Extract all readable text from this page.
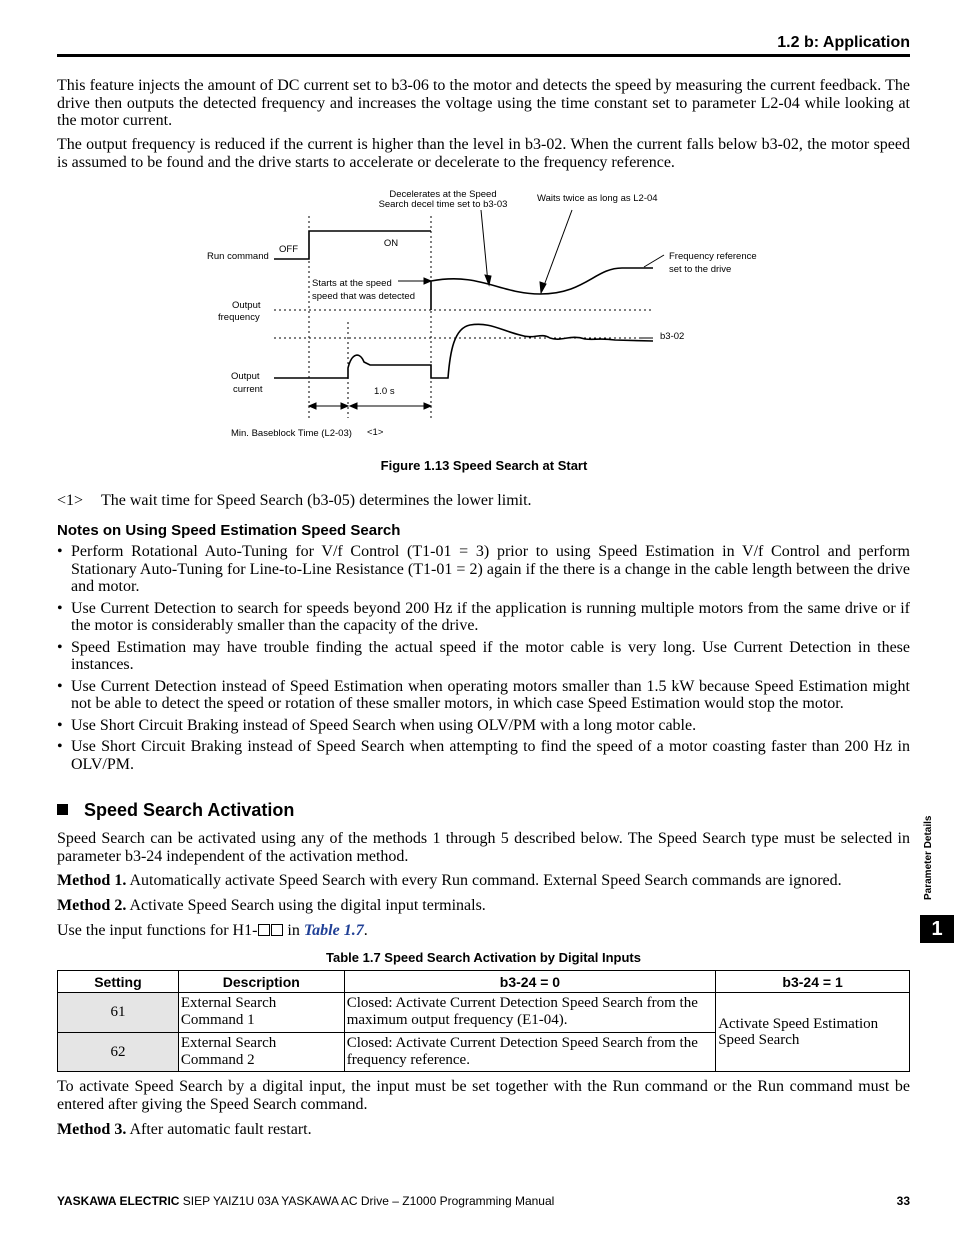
1.2 b: Application

This feature injects the amount of DC current set to b3-06 to the motor and detects the speed by measuring the current feedback. The drive then outputs the detected frequency and increases the voltage using the time constant set to parameter L2-04 while looking at the motor current.

The output frequency is reduced if the current is higher than the level in b3-02. When the current falls below b3-02, the motor speed is assumed to be found and the drive starts to accelerate or decelerate to the frequency reference.

Decelerates at the Speed
Search decel time set to b3-03
Waits twice as long as L2-04
ON
OFF
Run command	Frequency reference
set to the drive
Starts at the speed
speed that was detected
Output
frequency
b3-02
Output
current	1.0 s
Min. Baseblock Time (L2-03) <1>
Figure 1.13 Speed Search at Start
<1> The wait time for Speed Search (b3-05) determines the lower limit.
Notes on Using Speed Estimation Speed Search
• Perform Rotational Auto-Tuning for V/f Control (T1-01 = 3) prior to using Speed Estimation in V/f Control and perform Stationary Auto-Tuning for Line-to-Line Resistance (T1-01 = 2) again if the there is a change in the cable length between the drive and motor.
• Use Current Detection to search for speeds beyond 200 Hz if the application is running multiple motors from the same drive or if the motor is considerably smaller than the capacity of the drive.
• Speed Estimation may have trouble finding the actual speed if the motor cable is very long. Use Current Detection in these instances.
• Use Current Detection instead of Speed Estimation when operating motors smaller than 1.5 kW because Speed Estimation might not be able to detect the speed or rotation of these smaller motors, in which case Speed Estimation would stop the motor.
• Use Short Circuit Braking instead of Speed Search when using OLV/PM with a long motor cable.
• Use Short Circuit Braking instead of Speed Search when attempting to find the speed of a motor coasting faster than 200 Hz in OLV/PM.
Speed Search Activation

Speed Search can be activated using any of the methods 1 through 5 described below. The Speed Search type must be selected in parameter b3-24 independent of the activation method.

Method 1. Automatically activate Speed Search with every Run command. External Speed Search commands are ignored.

Method 2. Activate Speed Search using the digital input terminals.

Use the input functions for H1- in Table 1.7.

Table 1.7 Speed Search Activation by Digital Inputs
Setting	Description	b3-24 = 0	b3-24 = 1
61	External Search Command 1	Closed: Activate Current Detection Speed Search from the maximum output frequency (E1-04).	Activate Speed Estimation Speed Search
62	External Search Command 2	Closed: Activate Current Detection Speed Search from the frequency reference.	

To activate Speed Search by a digital input, the input must be set together with the Run command or the Run command must be entered after giving the Speed Search command.

Method 3. After automatic fault restart.

Parameter Details
1
YASKAWA ELECTRIC SIEP YAIZ1U 03A YASKAWA AC Drive – Z1000 Programming Manual	33
